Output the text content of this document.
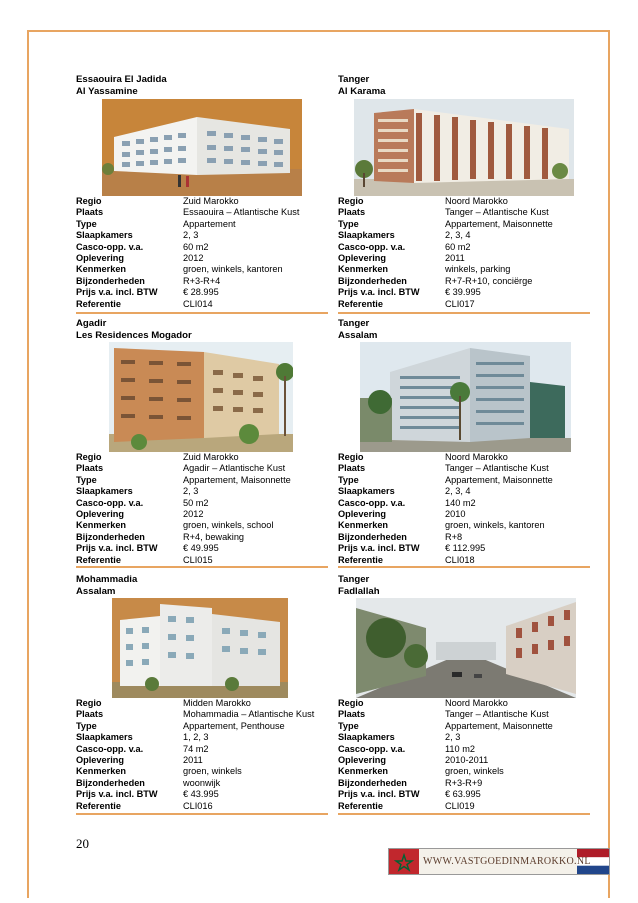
Essaouira El Jadida
Al Yassamine
Regio	Zuid Marokko
Plaats	Essaouira – Atlantische Kust
Type	Appartement
Slaapkamers	2, 3
Casco-opp. v.a.	60 m2
Oplevering	2012
Kenmerken	groen, winkels, kantoren
Bijzonderheden	R+3-R+4
Prijs v.a. incl. BTW	€ 28.995
Referentie	CLI014
Tanger
Al Karama
Regio	Noord Marokko
Plaats	Tanger – Atlantische Kust
Type	Appartement, Maisonnette
Slaapkamers	2, 3, 4
Casco-opp. v.a.	60 m2
Oplevering	2011
Kenmerken	winkels, parking
Bijzonderheden	R+7-R+10, conciërge
Prijs v.a. incl. BTW	€ 39.995
Referentie	CLI017
Agadir
Les Residences Mogador
Regio	Zuid Marokko
Plaats	Agadir – Atlantische Kust
Type	Appartement, Maisonnette
Slaapkamers	2, 3
Casco-opp. v.a.	50 m2
Oplevering	2012
Kenmerken	groen, winkels, school
Bijzonderheden	R+4, bewaking
Prijs v.a. incl. BTW	€ 49.995
Referentie	CLI015
Tanger
Assalam
Regio	Noord Marokko
Plaats	Tanger – Atlantische Kust
Type	Appartement, Maisonnette
Slaapkamers	2, 3, 4
Casco-opp. v.a.	140 m2
Oplevering	2010
Kenmerken	groen, winkels, kantoren
Bijzonderheden	R+8
Prijs v.a. incl. BTW	€ 112.995
Referentie	CLI018
Mohammadia
Assalam
Regio	Midden Marokko
Plaats	Mohammadia – Atlantische Kust
Type	Appartement, Penthouse
Slaapkamers	1, 2, 3
Casco-opp. v.a.	74 m2
Oplevering	2011
Kenmerken	groen, winkels
Bijzonderheden	woonwijk
Prijs v.a. incl. BTW	€ 43.995
Referentie	CLI016
Tanger
Fadlallah
Regio	Noord Marokko
Plaats	Tanger – Atlantische Kust
Type	Appartement, Maisonnette
Slaapkamers	2, 3
Casco-opp. v.a.	110 m2
Oplevering	2010-2011
Kenmerken	groen, winkels
Bijzonderheden	R+3-R+9
Prijs v.a. incl. BTW	€ 63.995
Referentie	CLI019
20
WWW.VASTGOEDINMAROKKO.NL
